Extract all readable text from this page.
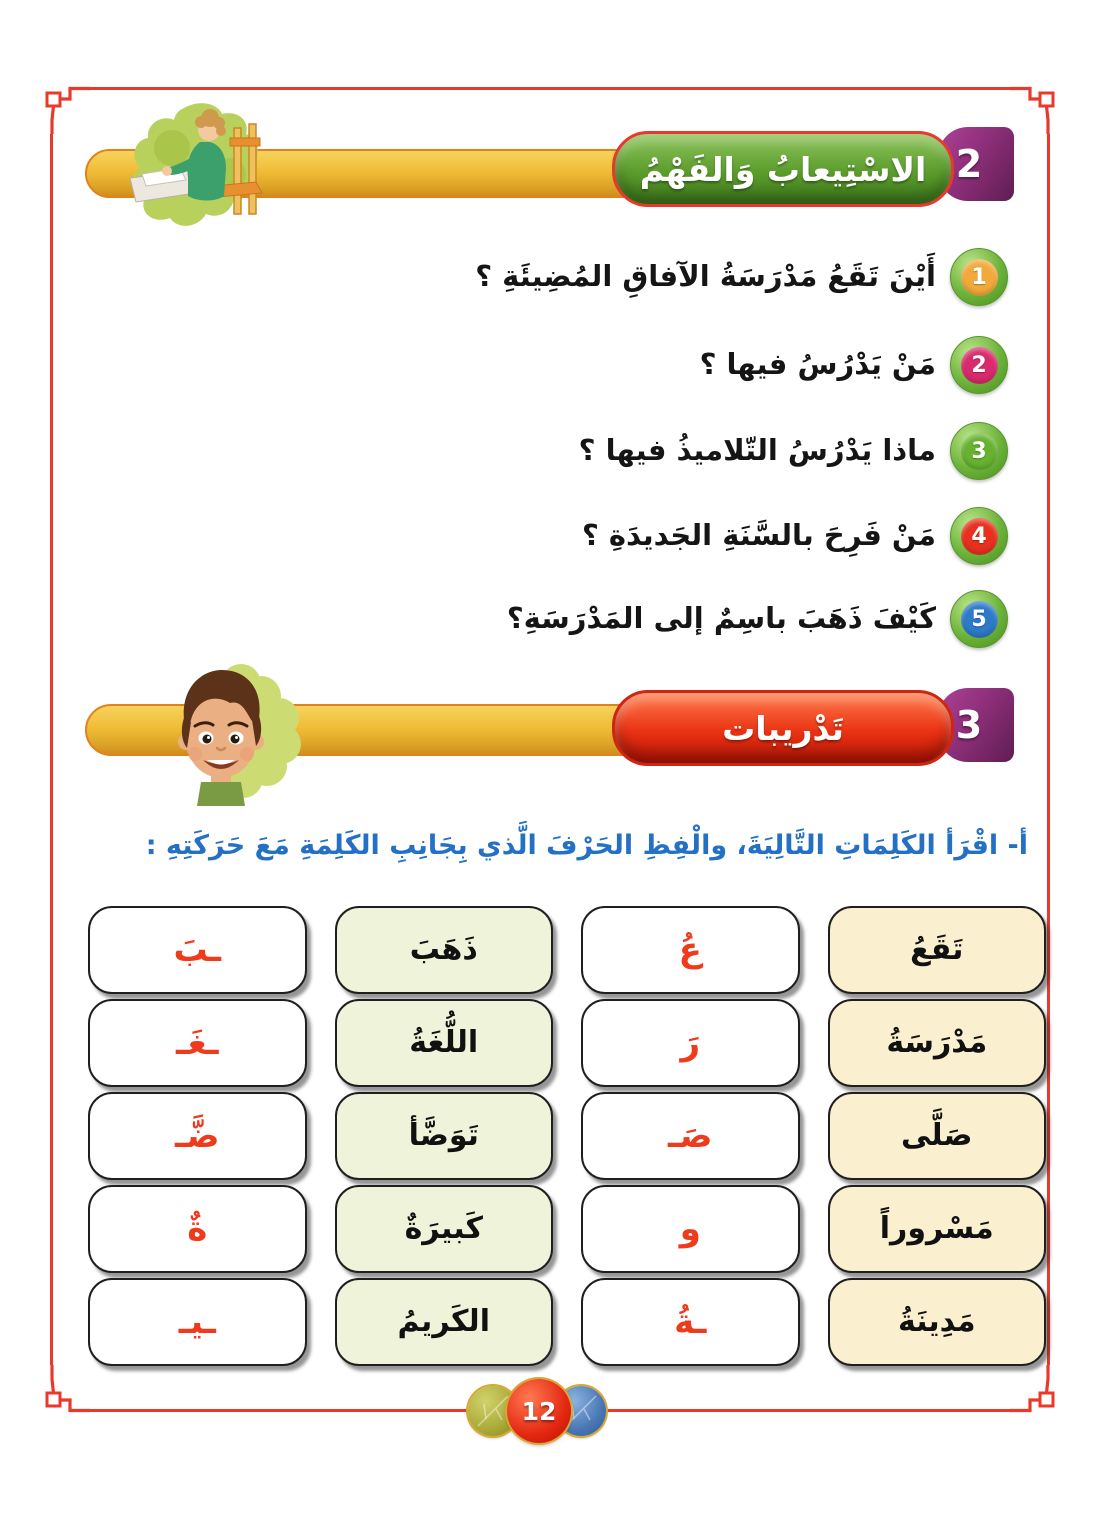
الاسْتِيعابُ وَالفَهْمُ 2
1
أَيْنَ تَقَعُ مَدْرَسَةُ الآفاقِ المُضِيئَةِ ؟
2
مَنْ يَدْرُسُ فيها ؟
3
ماذا يَدْرُسُ التّلاميذُ فيها ؟
4
مَنْ فَرِحَ بالسَّنَةِ الجَديدَةِ ؟
5
كَيْفَ ذَهَبَ باسِمٌ إلى المَدْرَسَةِ؟
تَدْريبات	3
أ- اقْرَأ الكَلِمَاتِ التَّالِيَةَ، والْفِظِ الحَرْفَ الَّذي بِجَانِبِ الكَلِمَةِ مَعَ حَرَكَتِهِ :
تَقَعُ
عُ
ذَهَبَ
ـبَ
مَدْرَسَةُ
رَ
اللُّغَةُ
ـغَـ
صَلَّى
صَـ
تَوَضَّأ
ضَّـ
مَسْروراً
و
كَبيرَةٌ
ةٌ
مَدِينَةُ
ـةُ
الكَريمُ
ـيـ
12
